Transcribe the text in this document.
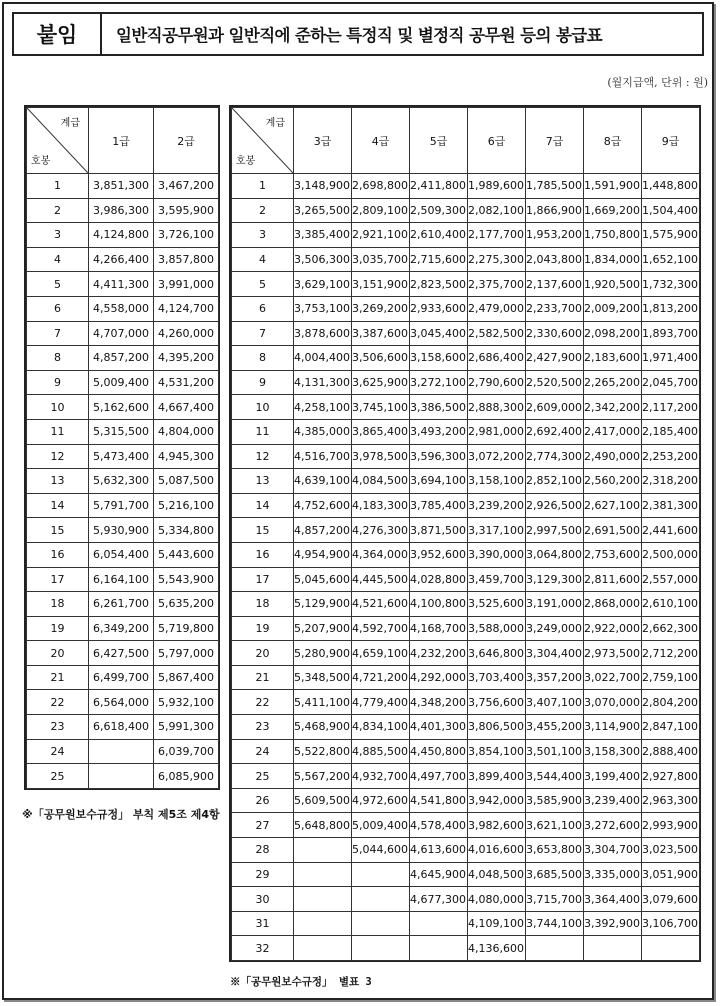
붙임	일반직공무원과 일반직에 준하는 특정직 및 별정직 공무원 등의 봉급표
(월지급액, 단위 : 원)
계급
호봉	1급	2급
1	3,851,300	3,467,200
2	3,986,300	3,595,900
3	4,124,800	3,726,100
4	4,266,400	3,857,800
5	4,411,300	3,991,000
6	4,558,000	4,124,700
7	4,707,000	4,260,000
8	4,857,200	4,395,200
9	5,009,400	4,531,200
10	5,162,600	4,667,400
11	5,315,500	4,804,000
12	5,473,400	4,945,300
13	5,632,300	5,087,500
14	5,791,700	5,216,100
15	5,930,900	5,334,800
16	6,054,400	5,443,600
17	6,164,100	5,543,900
18	6,261,700	5,635,200
19	6,349,200	5,719,800
20	6,427,500	5,797,000
21	6,499,700	5,867,400
22	6,564,000	5,932,100
23	6,618,400	5,991,300
24		6,039,700
25		6,085,900
※「공무원보수규정」 부칙 제5조 제4항
계급
호봉	3급	4급	5급	6급	7급	8급	9급
1	3,148,900	2,698,800	2,411,800	1,989,600	1,785,500	1,591,900	1,448,800
2	3,265,500	2,809,100	2,509,300	2,082,100	1,866,900	1,669,200	1,504,400
3	3,385,400	2,921,100	2,610,400	2,177,700	1,953,200	1,750,800	1,575,900
4	3,506,300	3,035,700	2,715,600	2,275,300	2,043,800	1,834,000	1,652,100
5	3,629,100	3,151,900	2,823,500	2,375,700	2,137,600	1,920,500	1,732,300
6	3,753,100	3,269,200	2,933,600	2,479,000	2,233,700	2,009,200	1,813,200
7	3,878,600	3,387,600	3,045,400	2,582,500	2,330,600	2,098,200	1,893,700
8	4,004,400	3,506,600	3,158,600	2,686,400	2,427,900	2,183,600	1,971,400
9	4,131,300	3,625,900	3,272,100	2,790,600	2,520,500	2,265,200	2,045,700
10	4,258,100	3,745,100	3,386,500	2,888,300	2,609,000	2,342,200	2,117,200
11	4,385,000	3,865,400	3,493,200	2,981,000	2,692,400	2,417,000	2,185,400
12	4,516,700	3,978,500	3,596,300	3,072,200	2,774,300	2,490,000	2,253,200
13	4,639,100	4,084,500	3,694,100	3,158,100	2,852,100	2,560,200	2,318,200
14	4,752,600	4,183,300	3,785,400	3,239,200	2,926,500	2,627,100	2,381,300
15	4,857,200	4,276,300	3,871,500	3,317,100	2,997,500	2,691,500	2,441,600
16	4,954,900	4,364,000	3,952,600	3,390,000	3,064,800	2,753,600	2,500,000
17	5,045,600	4,445,500	4,028,800	3,459,700	3,129,300	2,811,600	2,557,000
18	5,129,900	4,521,600	4,100,800	3,525,600	3,191,000	2,868,000	2,610,100
19	5,207,900	4,592,700	4,168,700	3,588,000	3,249,000	2,922,000	2,662,300
20	5,280,900	4,659,100	4,232,200	3,646,800	3,304,400	2,973,500	2,712,200
21	5,348,500	4,721,200	4,292,000	3,703,400	3,357,200	3,022,700	2,759,100
22	5,411,100	4,779,400	4,348,200	3,756,600	3,407,100	3,070,000	2,804,200
23	5,468,900	4,834,100	4,401,300	3,806,500	3,455,200	3,114,900	2,847,100
24	5,522,800	4,885,500	4,450,800	3,854,100	3,501,100	3,158,300	2,888,400
25	5,567,200	4,932,700	4,497,700	3,899,400	3,544,400	3,199,400	2,927,800
26	5,609,500	4,972,600	4,541,800	3,942,000	3,585,900	3,239,400	2,963,300
27	5,648,800	5,009,400	4,578,400	3,982,600	3,621,100	3,272,600	2,993,900
28		5,044,600	4,613,600	4,016,600	3,653,800	3,304,700	3,023,500
29			4,645,900	4,048,500	3,685,500	3,335,000	3,051,900
30			4,677,300	4,080,000	3,715,700	3,364,400	3,079,600
31				4,109,100	3,744,100	3,392,900	3,106,700
32				4,136,600			
※「공무원보수규정」 별표 3
